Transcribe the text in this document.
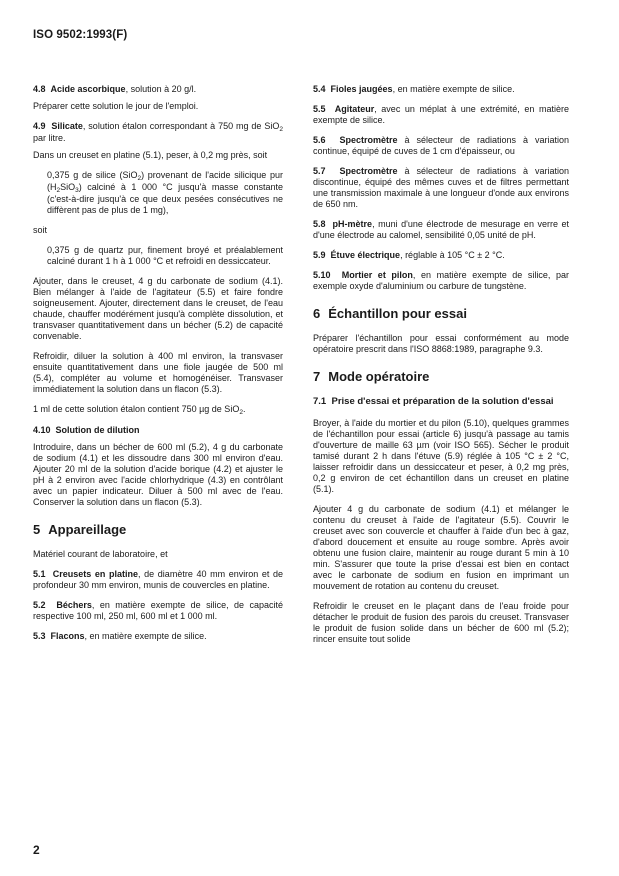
ISO 9502:1993(F)

4.8 Acide ascorbique, solution à 20 g/l.

Préparer cette solution le jour de l'emploi.

4.9 Silicate, solution étalon correspondant à 750 mg de SiO$_2$ par litre.

Dans un creuset en platine (5.1), peser, à 0,2 mg près, soit

0,375 g de silice (SiO$_2$) provenant de l'acide silicique pur $(H_2SiO_3)$ calciné à 1 000 °C jusqu'à masse constante (c'est-à-dire jusqu'à ce que deux pesées consécutives ne diffèrent pas de plus de 1 mg),

soit

0,375 g de quartz pur, finement broyé et préalablement calciné durant 1 h à 1 000 °C et refroidi en dessiccateur.

Ajouter, dans le creuset, 4 g du carbonate de sodium (4.1). Bien mélanger à l'aide de l'agitateur (5.5) et faire fondre soigneusement. Ajouter, directement dans le creuset, de l'eau chaude, chauffer modérément jusqu'à complète dissolution, et transvaser quantitativement dans un bécher (5.2) de capacité convenable.

Refroidir, diluer la solution à 400 ml environ, la transvaser ensuite quantitativement dans une fiole jaugée de 500 ml (5.4), compléter au volume et homogénéiser. Transvaser immédiatement la solution dans un flacon (5.3).

1 ml de cette solution étalon contient 750 µg de SiO$_2$.

4.10 Solution de dilution

Introduire, dans un bécher de 600 ml (5.2), 4 g du carbonate de sodium (4.1) et les dissoudre dans 300 ml environ d'eau. Ajouter 20 ml de la solution d'acide borique (4.2) et ajuster le pH à 2 environ avec l'acide chlorhydrique (4.3) en contrôlant avec un papier indicateur. Diluer à 500 ml avec de l'eau. Conserver la solution dans un flacon (5.3).

5 Appareillage

Matériel courant de laboratoire, et

5.1 Creusets en platine, de diamètre 40 mm environ et de profondeur 30 mm environ, munis de couvercles en platine.

5.2 Béchers, en matière exempte de silice, de capacité respective 100 ml, 250 ml, 600 ml et 1 000 ml.

5.3 Flacons, en matière exempte de silice.

5.4 Fioles jaugées, en matière exempte de silice.

5.5 Agitateur, avec un méplat à une extrémité, en matière exempte de silice.

5.6 Spectromètre à sélecteur de radiations à variation continue, équipé de cuves de 1 cm d'épaisseur, ou

5.7 Spectromètre à sélecteur de radiations à variation discontinue, équipé des mêmes cuves et de filtres permettant une transmission maximale à une longueur d'onde aux environs de 650 nm.

5.8 pH-mètre, muni d'une électrode de mesurage en verre et d'une électrode au calomel, sensibilité 0,05 unité de pH.

5.9 Étuve électrique, réglable à 105 °C ± 2 °C.

5.10 Mortier et pilon, en matière exempte de silice, par exemple oxyde d'aluminium ou carbure de tungstène.

6 Échantillon pour essai

Préparer l'échantillon pour essai conformément au mode opératoire prescrit dans l'ISO 8868:1989, paragraphe 9.3.

7 Mode opératoire
7.1 Prise d'essai et préparation de la solution d'essai

Broyer, à l'aide du mortier et du pilon (5.10), quelques grammes de l'échantillon pour essai (article 6) jusqu'à passage au tamis d'ouverture de maille 63 µm (voir ISO 565). Sécher le produit tamisé durant 2 h dans l'étuve (5.9) réglée à 105 °C ± 2 °C, laisser refroidir dans un dessiccateur et peser, à 0,2 mg près, 0,2 g environ de cet échantillon dans un creuset en platine (5.1).

Ajouter 4 g du carbonate de sodium (4.1) et mélanger le contenu du creuset à l'aide de l'agitateur (5.5). Couvrir le creuset avec son couvercle et chauffer à l'aide d'un bec à gaz, d'abord doucement et ensuite au rouge sombre. Après avoir obtenu une fusion claire, maintenir au rouge durant 5 min à 10 min. S'assurer que toute la prise d'essai est bien en contact avec le carbonate de sodium en fusion en imprimant un mouvement de rotation au contenu du creuset.

Refroidir le creuset en le plaçant dans de l'eau froide pour détacher le produit de fusion des parois du creuset. Transvaser le produit de fusion solide dans un bécher de 600 ml (5.2); rincer ensuite tout solide

2
